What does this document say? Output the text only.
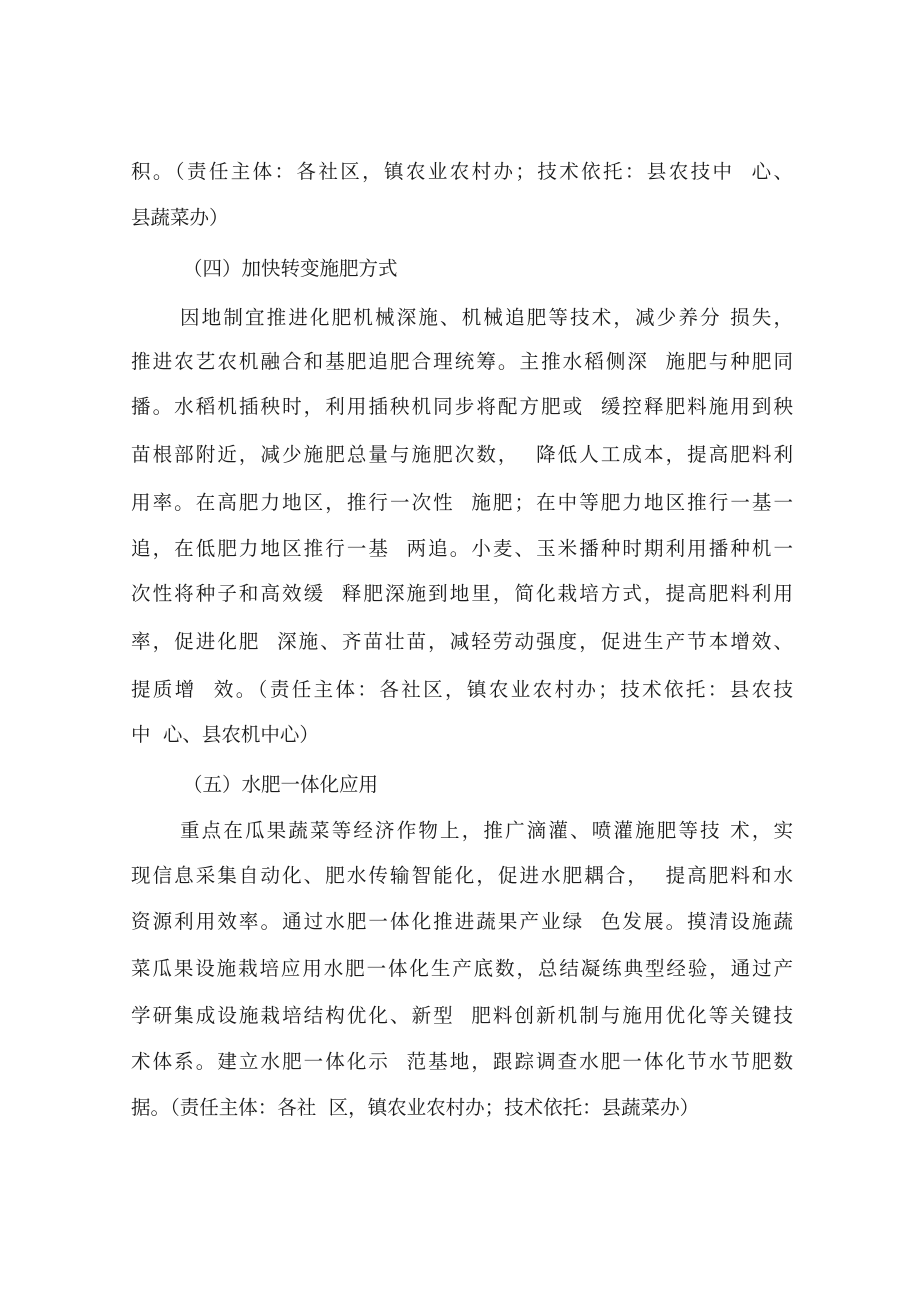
积。（责任主体：各社区，镇农业农村办；技术依托：县农技中  心、
县蔬菜办）
（四）加快转变施肥方式
因地制宜推进化肥机械深施、机械追肥等技术，减少养分 损失，
推进农艺农机融合和基肥追肥合理统筹。主推水稻侧深  施肥与种肥同
播。水稻机插秧时，利用插秧机同步将配方肥或  缓控释肥料施用到秧
苗根部附近，减少施肥总量与施肥次数，  降低人工成本，提高肥料利
用率。在高肥力地区，推行一次性  施肥；在中等肥力地区推行一基一
追，在低肥力地区推行一基  两追。小麦、玉米播种时期利用播种机一
次性将种子和高效缓  释肥深施到地里，简化栽培方式，提高肥料利用
率，促进化肥  深施、齐苗壮苗，减轻劳动强度，促进生产节本增效、
提质增  效。（责任主体：各社区，镇农业农村办；技术依托：县农技
中  心、县农机中心）
（五）水肥一体化应用
重点在瓜果蔬菜等经济作物上，推广滴灌、喷灌施肥等技 术，实
现信息采集自动化、肥水传输智能化，促进水肥耦合，  提高肥料和水
资源利用效率。通过水肥一体化推进蔬果产业绿  色发展。摸清设施蔬
菜瓜果设施栽培应用水肥一体化生产底数，总结凝练典型经验，通过产
学研集成设施栽培结构优化、新型  肥料创新机制与施用优化等关键技
术体系。建立水肥一体化示  范基地，跟踪调查水肥一体化节水节肥数
据。（责任主体：各社  区，镇农业农村办；技术依托：县蔬菜办）
